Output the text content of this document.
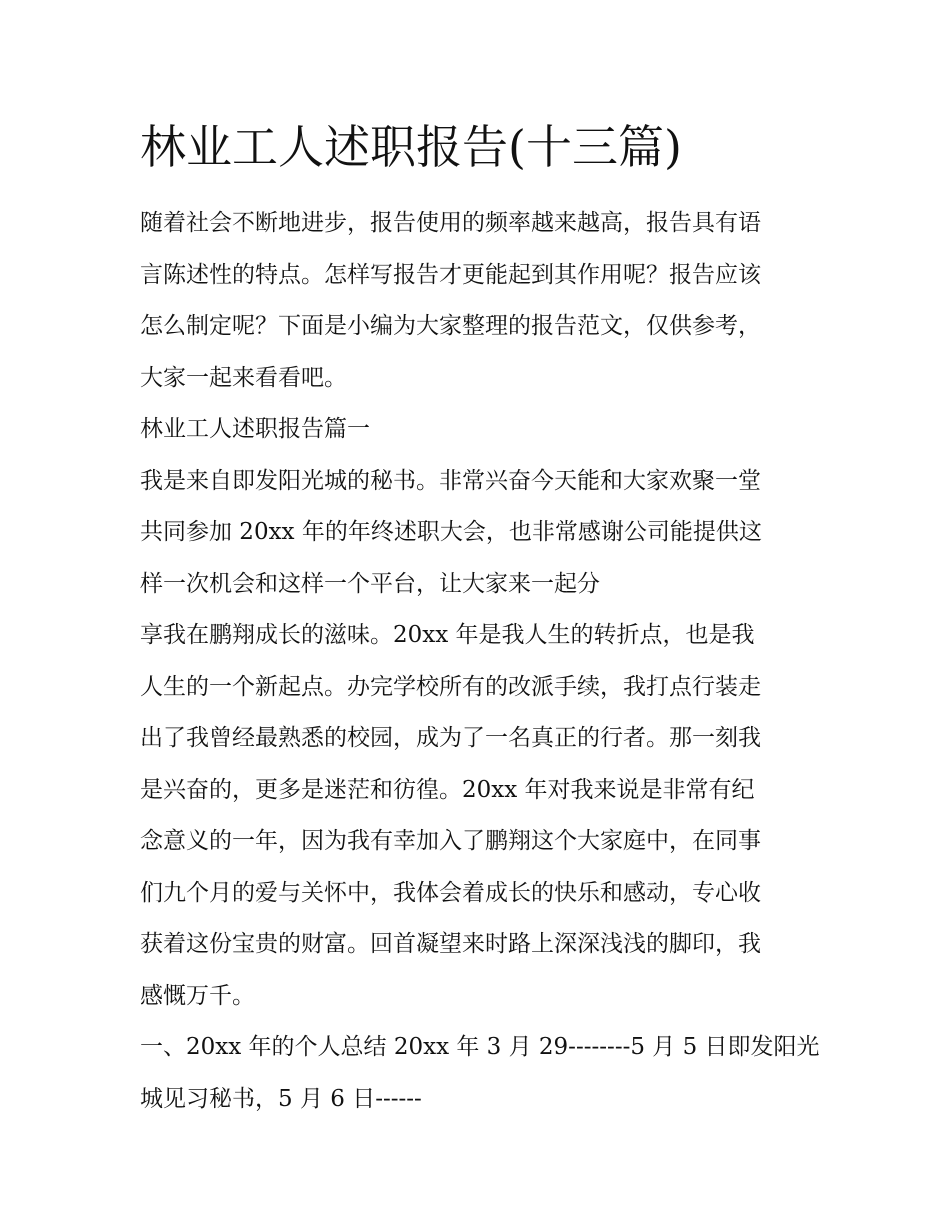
林业工人述职报告(十三篇)

随着社会不断地进步，报告使用的频率越来越高，报告具有语

言陈述性的特点。怎样写报告才更能起到其作用呢？报告应该

怎么制定呢？下面是小编为大家整理的报告范文，仅供参考，

大家一起来看看吧。

林业工人述职报告篇一

我是来自即发阳光城的秘书。非常兴奋今天能和大家欢聚一堂

共同参加 20xx 年的年终述职大会，也非常感谢公司能提供这

样一次机会和这样一个平台，让大家来一起分

享我在鹏翔成长的滋味。20xx 年是我人生的转折点，也是我

人生的一个新起点。办完学校所有的改派手续，我打点行装走

出了我曾经最熟悉的校园，成为了一名真正的行者。那一刻我

是兴奋的，更多是迷茫和彷徨。20xx 年对我来说是非常有纪

念意义的一年，因为我有幸加入了鹏翔这个大家庭中，在同事

们九个月的爱与关怀中，我体会着成长的快乐和感动，专心收

获着这份宝贵的财富。回首凝望来时路上深深浅浅的脚印，我

感慨万千。

一、20xx 年的个人总结 20xx 年 3 月 29--------5 月 5 日即发阳光

城见习秘书，5 月 6 日------
